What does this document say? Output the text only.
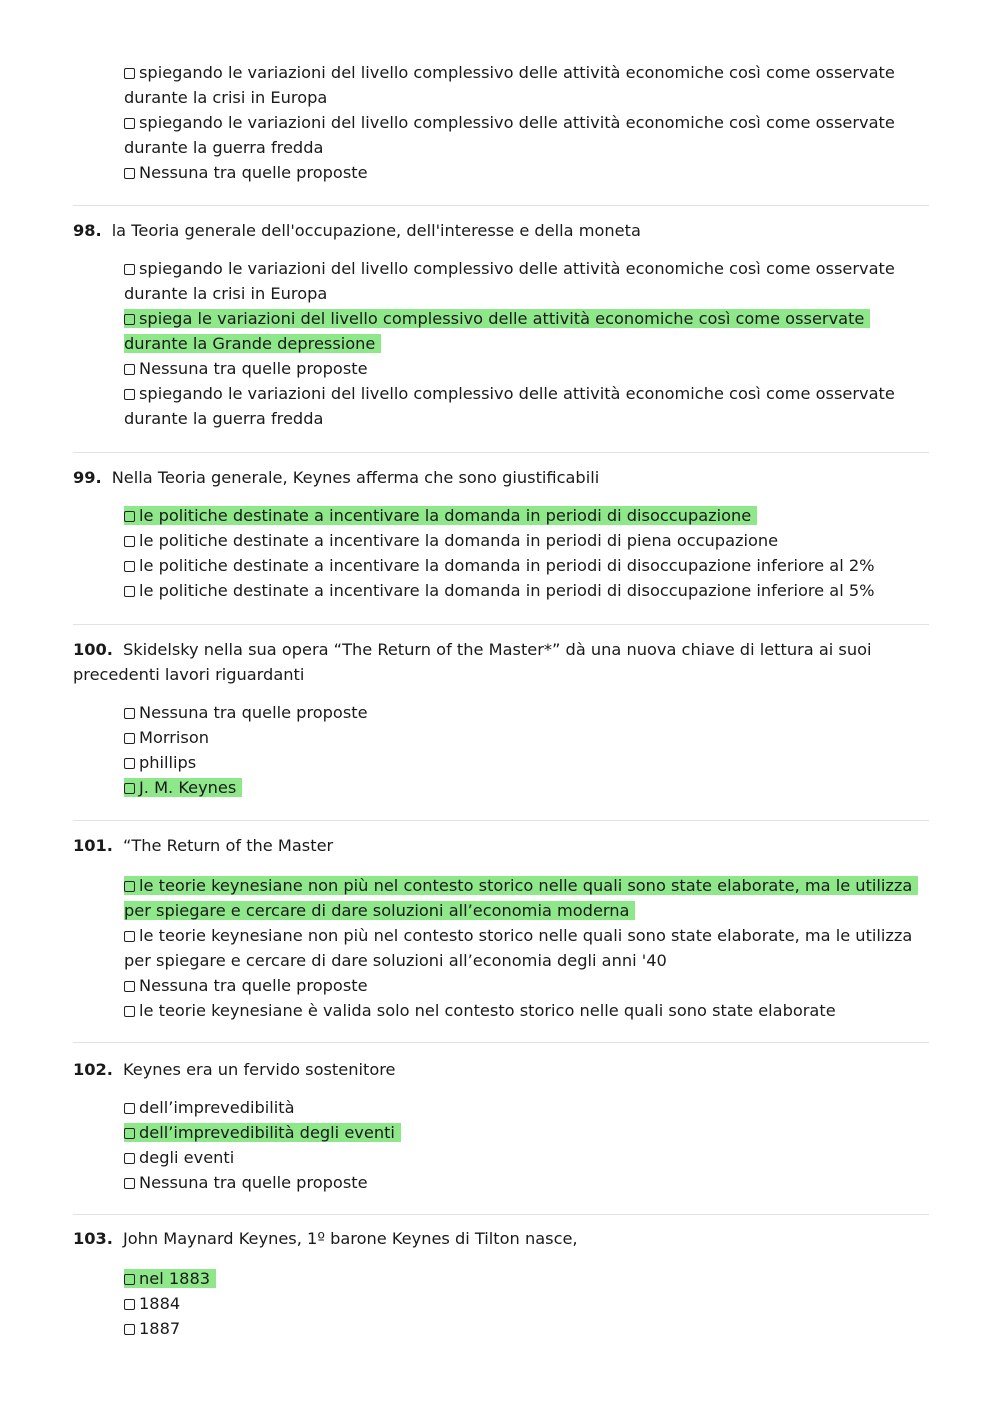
spiegando le variazioni del livello complessivo delle attività economiche così come osservate durante la crisi in Europa
spiegando le variazioni del livello complessivo delle attività economiche così come osservate durante la guerra fredda
Nessuna tra quelle proposte
98. la Teoria generale dell'occupazione, dell'interesse e della moneta
spiegando le variazioni del livello complessivo delle attività economiche così come osservate durante la crisi in Europa
spiega le variazioni del livello complessivo delle attività economiche così come osservate durante la Grande depressione
Nessuna tra quelle proposte
spiegando le variazioni del livello complessivo delle attività economiche così come osservate durante la guerra fredda
99. Nella Teoria generale, Keynes afferma che sono giustificabili
le politiche destinate a incentivare la domanda in periodi di disoccupazione
le politiche destinate a incentivare la domanda in periodi di piena occupazione
le politiche destinate a incentivare la domanda in periodi di disoccupazione inferiore al 2%
le politiche destinate a incentivare la domanda in periodi di disoccupazione inferiore al 5%
100. Skidelsky nella sua opera “The Return of the Master*” dà una nuova chiave di lettura ai suoi precedenti lavori riguardanti
Nessuna tra quelle proposte
Morrison
phillips
J. M. Keynes
101. “The Return of the Master
le teorie keynesiane non più nel contesto storico nelle quali sono state elaborate, ma le utilizza per spiegare e cercare di dare soluzioni all’economia moderna
le teorie keynesiane non più nel contesto storico nelle quali sono state elaborate, ma le utilizza per spiegare e cercare di dare soluzioni all’economia degli anni '40
Nessuna tra quelle proposte
le teorie keynesiane è valida solo nel contesto storico nelle quali sono state elaborate
102. Keynes era un fervido sostenitore
dell’imprevedibilità
dell’imprevedibilità degli eventi
degli eventi
Nessuna tra quelle proposte
103. John Maynard Keynes, 1º barone Keynes di Tilton nasce,
nel 1883
1884
1887
